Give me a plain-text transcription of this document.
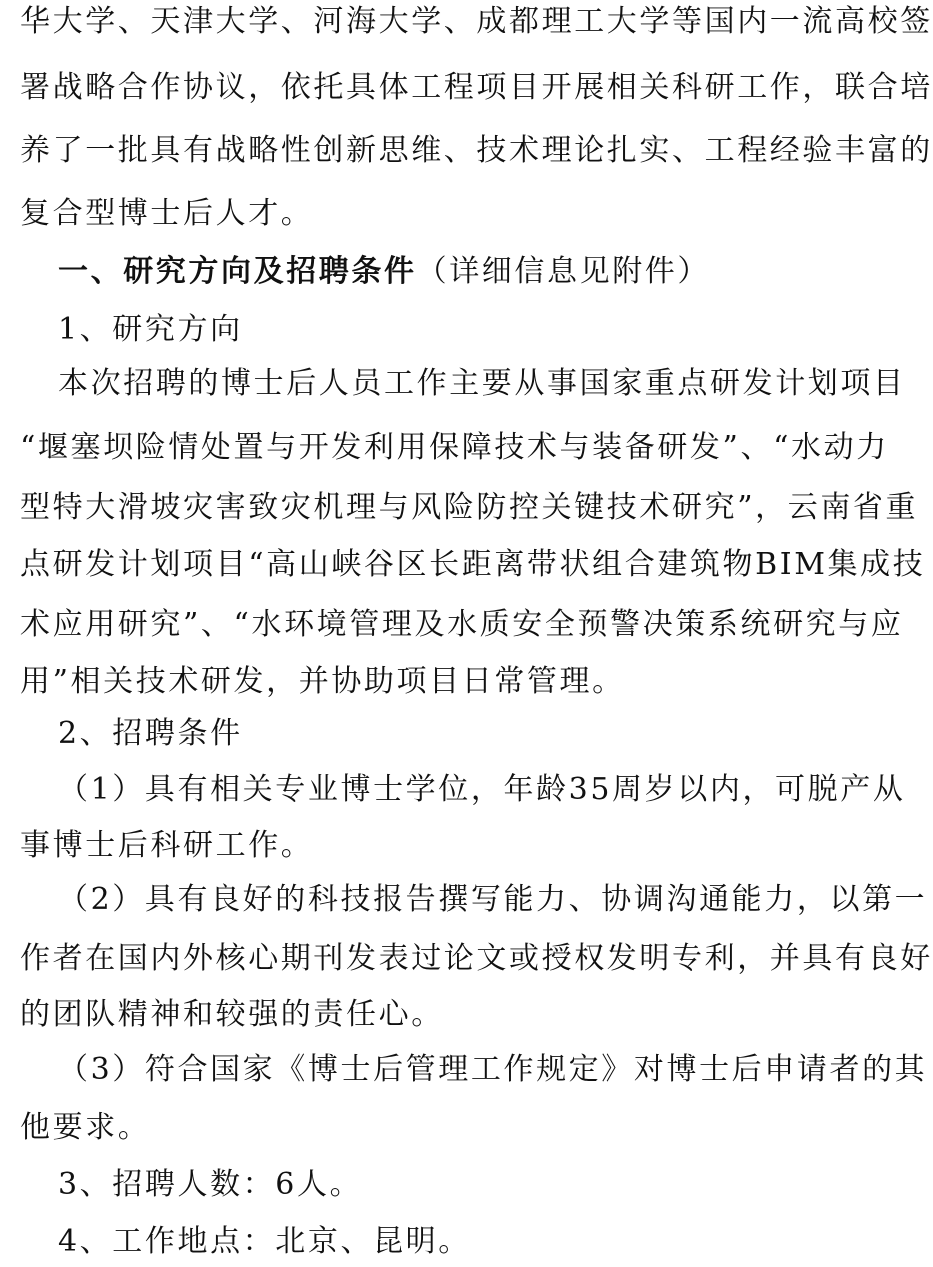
华大学、天津大学、河海大学、成都理工大学等国内一流高校签
署战略合作协议，依托具体工程项目开展相关科研工作，联合培
养了一批具有战略性创新思维、技术理论扎实、工程经验丰富的
复合型博士后人才。
一、研究方向及招聘条件（详细信息见附件）
1、研究方向
本次招聘的博士后人员工作主要从事国家重点研发计划项目
“堰塞坝险情处置与开发利用保障技术与装备研发”、“水动力
型特大滑坡灾害致灾机理与风险防控关键技术研究”，云南省重
点研发计划项目“高山峡谷区长距离带状组合建筑物BIM集成技
术应用研究”、“水环境管理及水质安全预警决策系统研究与应
用”相关技术研发，并协助项目日常管理。
2、招聘条件
（1）具有相关专业博士学位，年龄35周岁以内，可脱产从
事博士后科研工作。
（2）具有良好的科技报告撰写能力、协调沟通能力，以第一
作者在国内外核心期刊发表过论文或授权发明专利，并具有良好
的团队精神和较强的责任心。
（3）符合国家《博士后管理工作规定》对博士后申请者的其
他要求。
3、招聘人数：6人。
4、工作地点：北京、昆明。
